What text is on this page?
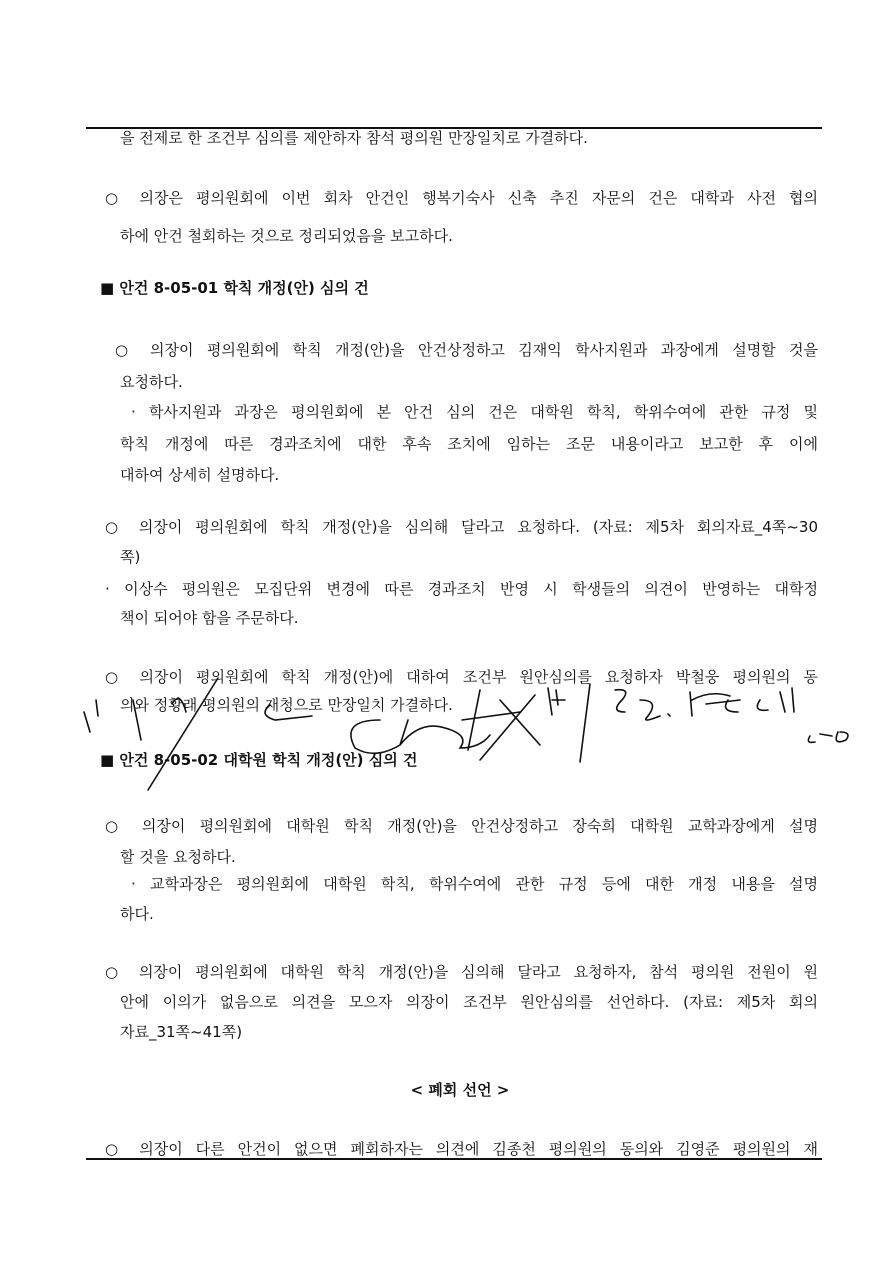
을 전제로 한 조건부 심의를 제안하자 참석 평의원 만장일치로 가결하다.
○ 의장은 평의원회에 이번 회차 안건인 행복기숙사 신축 추진 자문의 건은 대학과 사전 협의
하에 안건 철회하는 것으로 정리되었음을 보고하다.
■ 안건 8-05-01 학칙 개정(안) 심의 건
○ 의장이 평의원회에 학칙 개정(안)을 안건상정하고 김재익 학사지원과 과장에게 설명할 것을
요청하다.
· 학사지원과 과장은 평의원회에 본 안건 심의 건은 대학원 학칙, 학위수여에 관한 규정 및
학칙 개정에 따른 경과조치에 대한 후속 조치에 임하는 조문 내용이라고 보고한 후 이에
대하여 상세히 설명하다.
○ 의장이 평의원회에 학칙 개정(안)을 심의해 달라고 요청하다. (자료: 제5차 회의자료_4쪽~30
쪽)
· 이상수 평의원은 모집단위 변경에 따른 경과조치 반영 시 학생들의 의견이 반영하는 대학정
책이 되어야 함을 주문하다.
○ 의장이 평의원회에 학칙 개정(안)에 대하여 조건부 원안심의를 요청하자 박철웅 평의원의 동
의와 정황래 평의원의 재청으로 만장일치 가결하다.
■ 안건 8-05-02 대학원 학칙 개정(안) 심의 건
○ 의장이 평의원회에 대학원 학칙 개정(안)을 안건상정하고 장숙희 대학원 교학과장에게 설명
할 것을 요청하다.
· 교학과장은 평의원회에 대학원 학칙, 학위수여에 관한 규정 등에 대한 개정 내용을 설명
하다.
○ 의장이 평의원회에 대학원 학칙 개정(안)을 심의해 달라고 요청하자, 참석 평의원 전원이 원
안에 이의가 없음으로 의견을 모으자 의장이 조건부 원안심의를 선언하다. (자료: 제5차 회의
자료_31쪽~41쪽)
< 폐회 선언 >
○ 의장이 다른 안건이 없으면 폐회하자는 의견에 김종천 평의원의 동의와 김영준 평의원의 재
